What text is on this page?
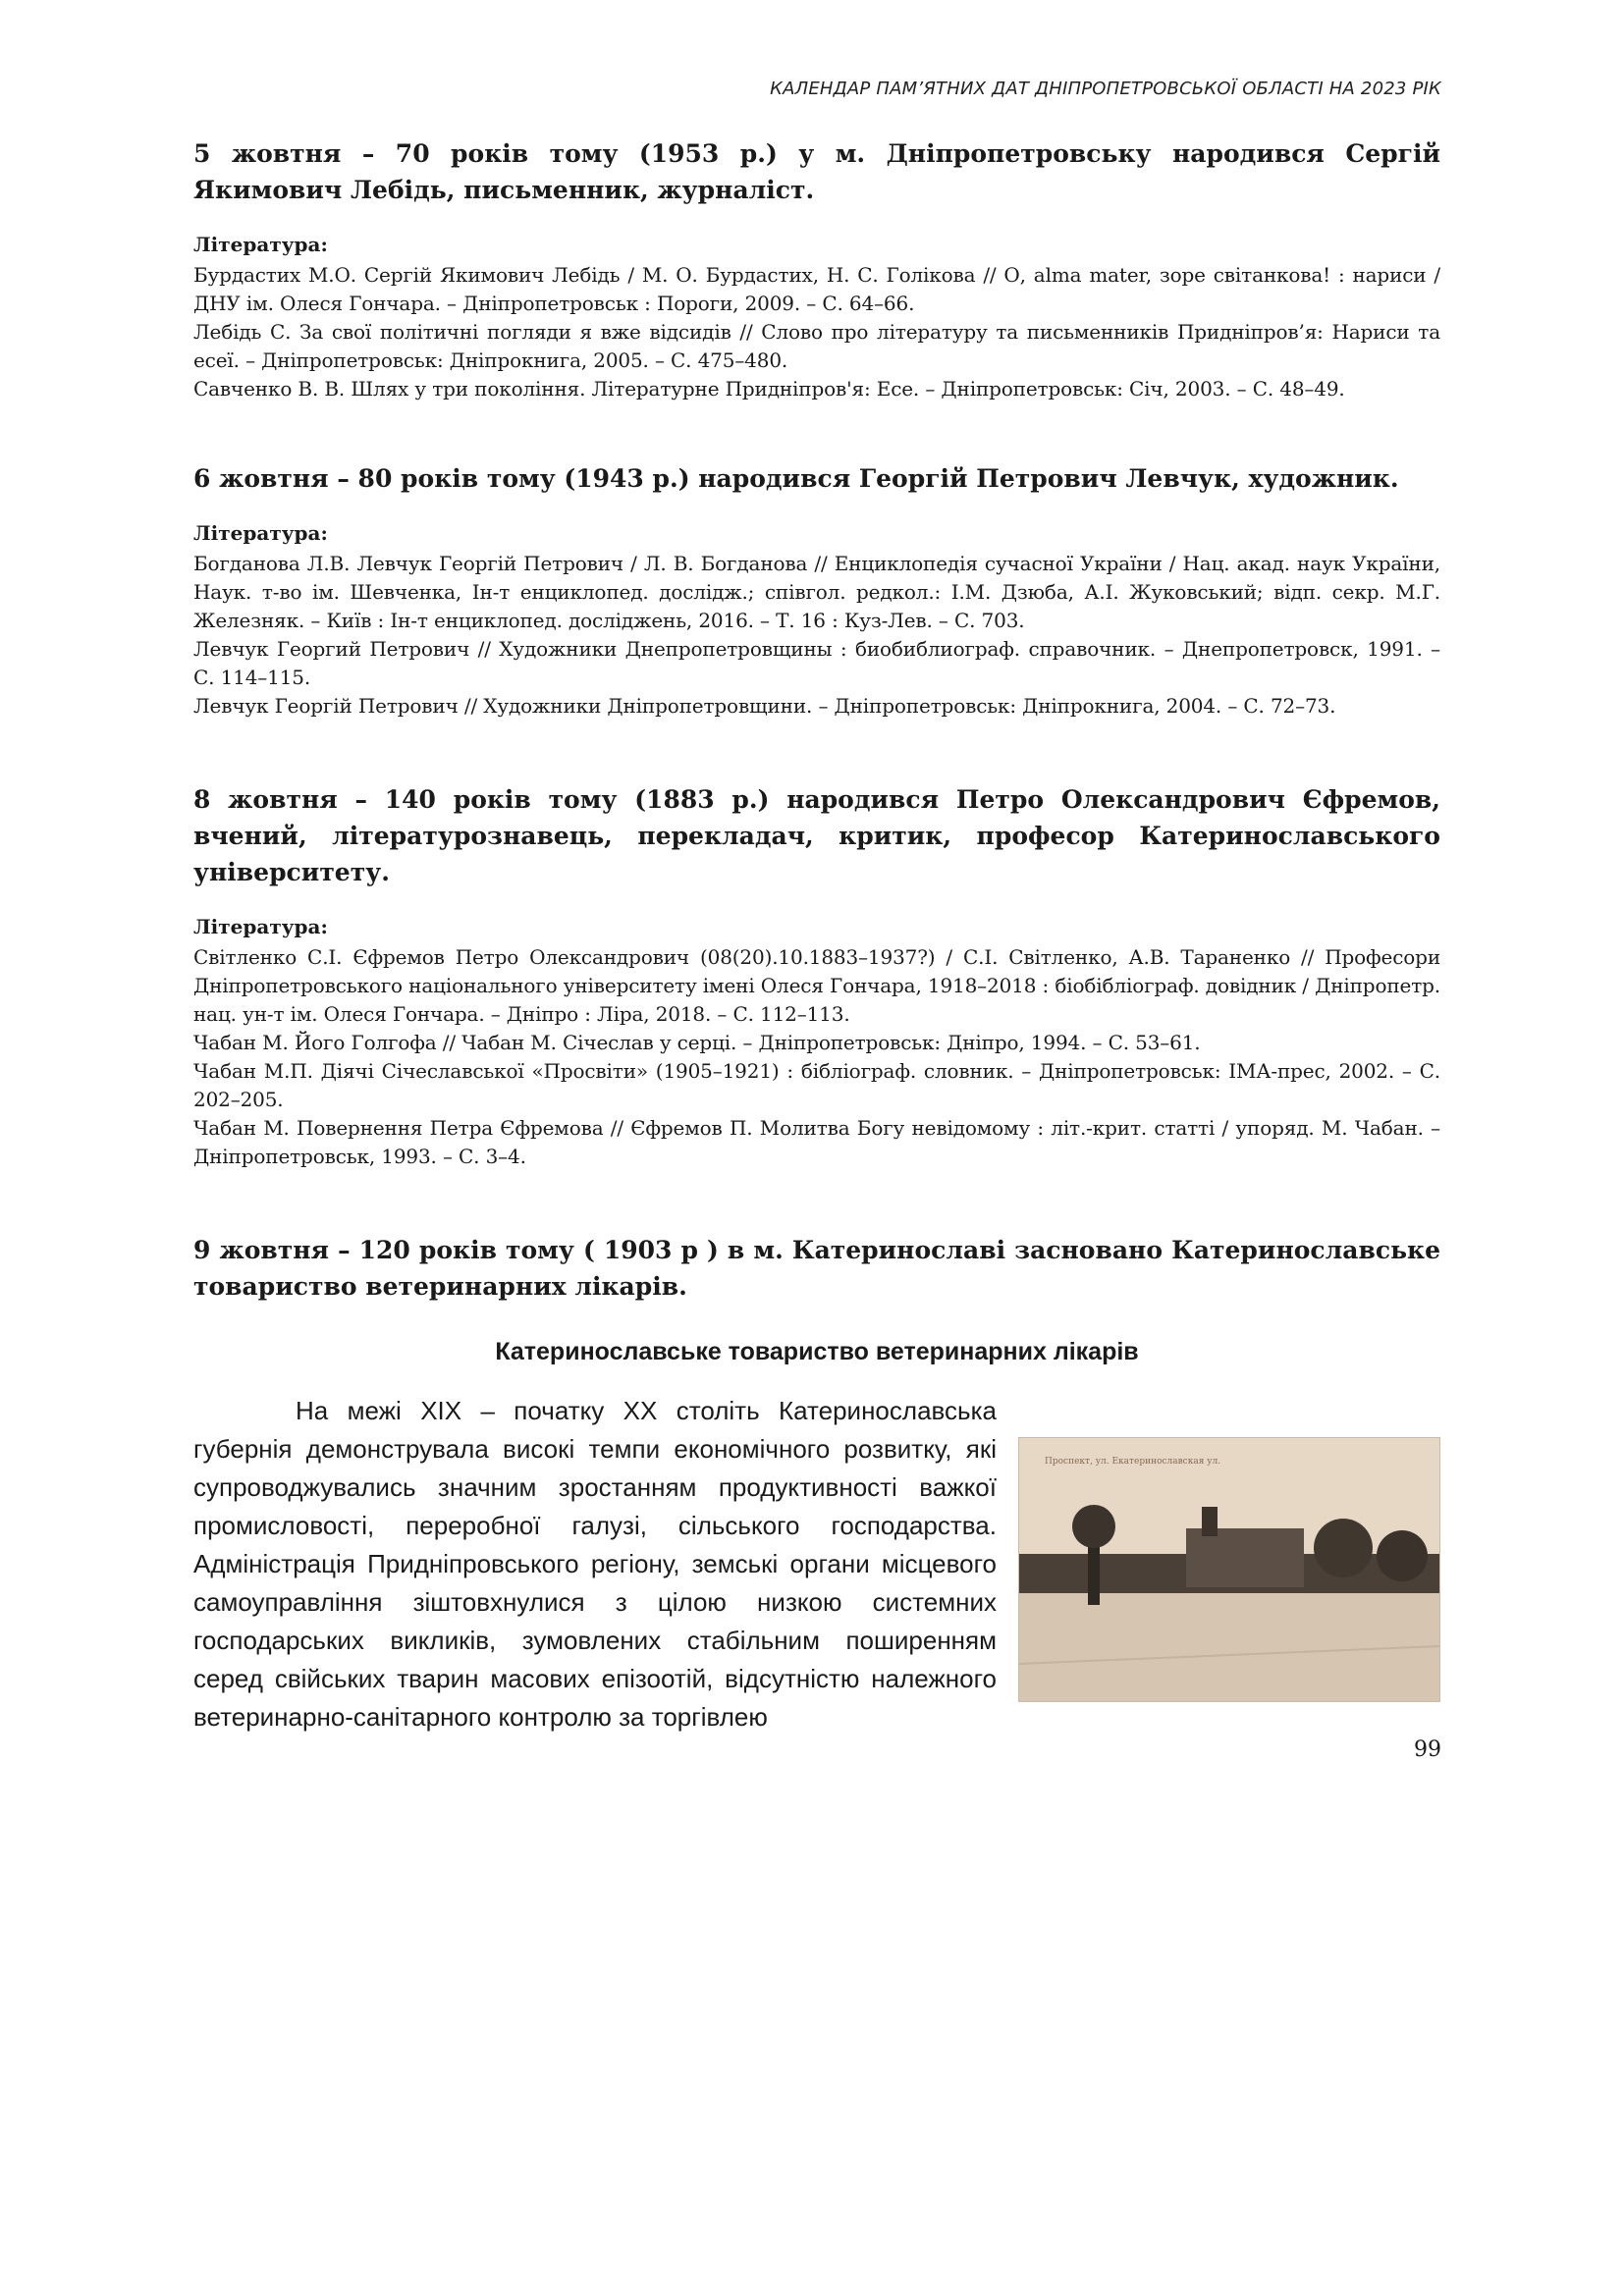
КАЛЕНДАР ПАМ’ЯТНИХ ДАТ ДНІПРОПЕТРОВСЬКОЇ ОБЛАСТІ НА 2023 РІК

5 жовтня – 70 років тому (1953 р.) у м. Дніпропетровську народився Сергій Якимович Лебідь, письменник, журналіст.

Література:

Бурдастих М.О. Сергій Якимович Лебідь / М. О. Бурдастих, Н. С. Голікова // О, alma mater, зоре світанкова! : нариси / ДНУ ім. Олеся Гончара. – Дніпропетровськ : Пороги, 2009. – С. 64–66.

Лебідь С. За свої політичні погляди я вже відсидів // Слово про літературу та письменників Придніпров’я: Нариси та есеї. – Дніпропетровськ: Дніпрокнига, 2005. – С. 475–480.

Савченко В. В. Шлях у три покоління. Літературне Придніпров'я: Есе. – Дніпропетровськ: Січ, 2003. – С. 48–49.

6 жовтня – 80 років тому (1943 р.) народився Георгій Петрович Левчук, художник.

Література:

Богданова Л.В. Левчук Георгій Петрович / Л. В. Богданова // Енциклопедія сучасної України / Нац. акад. наук України, Наук. т-во ім. Шевченка, Ін-т енциклопед. дослідж.; співгол. редкол.: І.М. Дзюба, А.І. Жуковський; відп. секр. М.Г. Железняк. – Київ : Ін-т енциклопед. досліджень, 2016. – Т. 16 : Куз-Лев. – С. 703.

Левчук Георгий Петрович // Художники Днепропетровщины : биобиблиограф. справочник. – Днепропетровск, 1991. – С. 114–115.

Левчук Георгій Петрович // Художники Дніпропетровщини. – Дніпропетровськ: Дніпрокнига, 2004. – С. 72–73.

8 жовтня – 140 років тому (1883 р.) народився Петро Олександрович Єфремов, вчений, літературознавець, перекладач, критик, професор Катеринославського університету.

Література:

Світленко С.І. Єфремов Петро Олександрович (08(20).10.1883–1937?) / С.І. Світленко, А.В. Тараненко // Професори Дніпропетровського національного університету імені Олеся Гончара, 1918–2018 : біобібліограф. довідник / Дніпропетр. нац. ун-т ім. Олеся Гончара. – Дніпро : Ліра, 2018. – С. 112–113.

Чабан М. Його Голгофа // Чабан М. Січеслав у серці. – Дніпропетровськ: Дніпро, 1994. – С. 53–61.

Чабан М.П. Діячі Січеславської «Просвіти» (1905–1921) : бібліограф. словник. – Дніпропетровськ: ІМА-прес, 2002. – С. 202–205.

Чабан М. Повернення Петра Єфремова // Єфремов П. Молитва Богу невідомому : літ.-крит. статті / упоряд. М. Чабан. – Дніпропетровськ, 1993. – С. 3–4.

9 жовтня – 120 років тому ( 1903 р ) в м. Катеринославі засновано Катеринославське товариство ветеринарних лікарів.

Катеринославське товариство ветеринарних лікарів
Проспект, ул. Екатеринославская ул.

На межі XIX – початку XX століть Катеринославська губернія демонструвала високі темпи економічного розвитку, які супроводжувались значним зростанням продуктивності важкої промисловості, переробної галузі, сільського господарства. Адміністрація Придніпровського регіону, земські органи місцевого самоуправління зіштовхнулися з цілою низкою системних господарських викликів, зумовлених стабільним поширенням серед свійських тварин масових епізоотій, відсутністю належного ветеринарно-санітарного контролю за торгівлею

99
